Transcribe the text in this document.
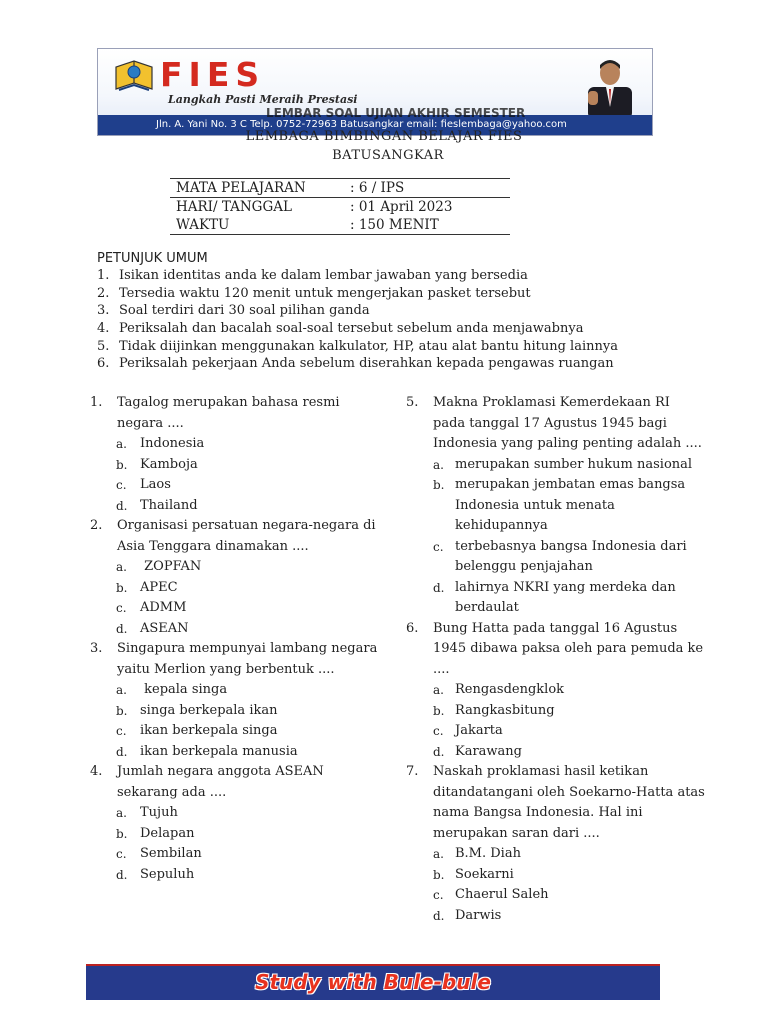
FIES
Langkah Pasti Meraih Prestasi
Jln. A. Yani No. 3 C Telp. 0752-72963 Batusangkar email: fieslembaga@yahoo.com
LEMBAR SOAL UJIAN AKHIR SEMESTER
LEMBAGA BIMBINGAN BELAJAR FIES
BATUSANGKAR
MATA PELAJARAN	: 6 / IPS
HARI/ TANGGAL	: 01 April 2023
WAKTU	: 150 MENIT
PETUNJUK UMUM
1. Isikan identitas anda ke dalam lembar jawaban yang bersedia
2. Tersedia waktu 120 menit untuk mengerjakan pasket tersebut
3. Soal terdiri dari 30 soal pilihan ganda
4. Periksalah dan bacalah soal-soal tersebut sebelum anda menjawabnya
5. Tidak diijinkan menggunakan kalkulator, HP, atau alat bantu hitung lainnya
6. Periksalah pekerjaan Anda sebelum diserahkan kepada pengawas ruangan
1. Tagalog merupakan bahasa resmi
negara ....
a. Indonesia
b. Kamboja
c. Laos
d. Thailand
2. Organisasi persatuan negara-negara di
Asia Tenggara dinamakan ....
a. ZOPFAN
b. APEC
c. ADMM
d. ASEAN
3. Singapura mempunyai lambang negara
yaitu Merlion yang berbentuk ....
a. kepala singa
b. singa berkepala ikan
c. ikan berkepala singa
d. ikan berkepala manusia
4. Jumlah negara anggota ASEAN
sekarang ada ....
a. Tujuh
b. Delapan
c. Sembilan
d. Sepuluh
5. Makna Proklamasi Kemerdekaan RI
pada tanggal 17 Agustus 1945 bagi
Indonesia yang paling penting adalah ....
a. merupakan sumber hukum nasional
b. merupakan jembatan emas bangsa
Indonesia untuk menata
kehidupannya
c. terbebasnya bangsa Indonesia dari
belenggu penjajahan
d. lahirnya NKRI yang merdeka dan
berdaulat
6. Bung Hatta pada tanggal 16 Agustus
1945 dibawa paksa oleh para pemuda ke
....
a. Rengasdengklok
b. Rangkasbitung
c. Jakarta
d. Karawang
7. Naskah proklamasi hasil ketikan
ditandatangani oleh Soekarno-Hatta atas
nama Bangsa Indonesia. Hal ini
merupakan saran dari ....
a. B.M. Diah
b. Soekarni
c. Chaerul Saleh
d. Darwis
Study with Bule-bule
